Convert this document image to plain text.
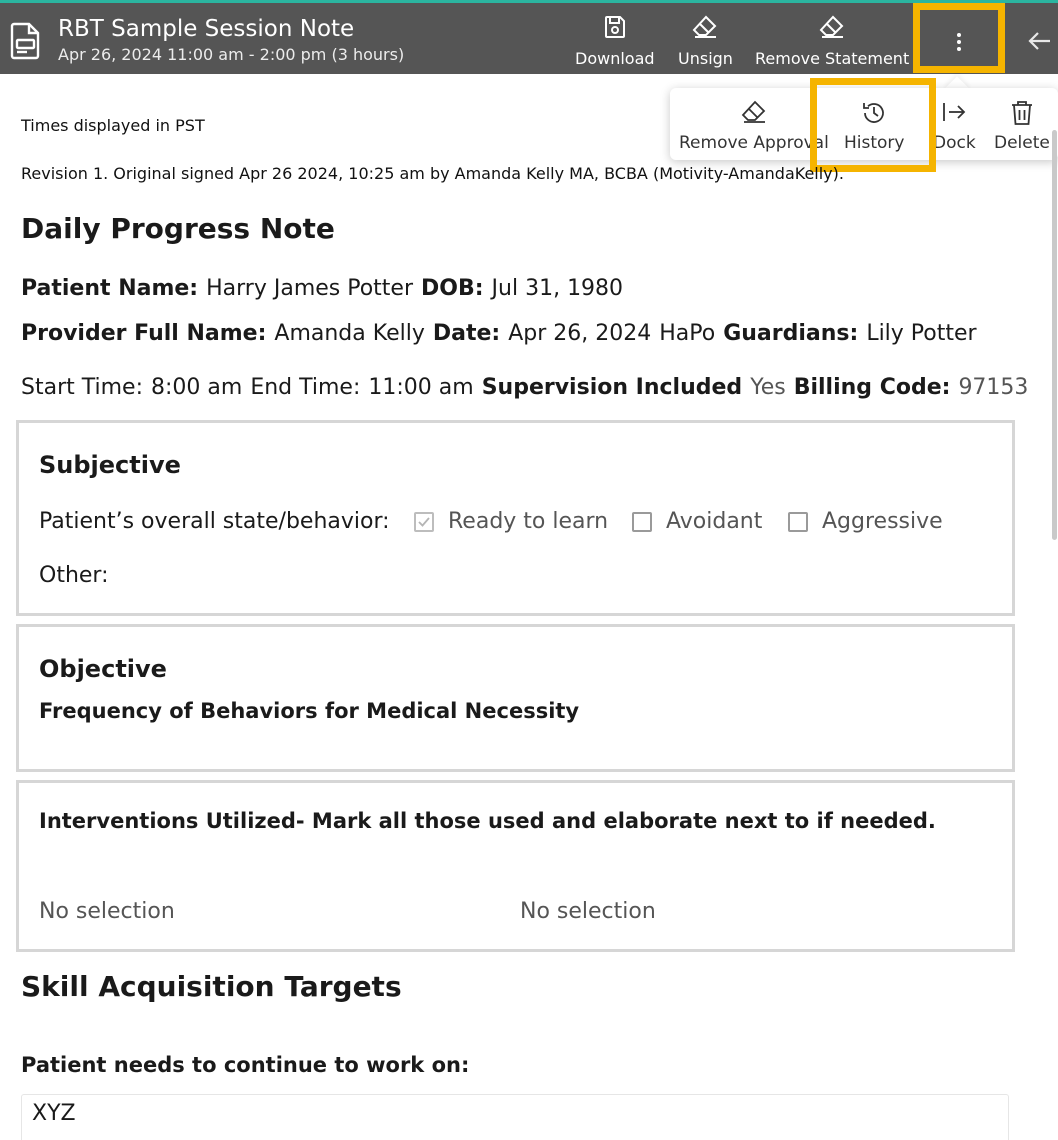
RBT Sample Session Note
Apr 26, 2024 11:00 am - 2:00 pm (3 hours)	Download Unsign Remove Statement
Remove Approval History Dock Delete
Times displayed in PST
Revision 1. Original signed Apr 26 2024, 10:25 am by Amanda Kelly MA, BCBA (Motivity-AmandaKelly).
Daily Progress Note
Patient Name: Harry James Potter DOB: Jul 31, 1980
Provider Full Name: Amanda Kelly Date: Apr 26, 2024 HaPo Guardians: Lily Potter
Start Time: 8:00 am End Time: 11:00 am Supervision Included Yes Billing Code: 97153
Subjective
Patient’s overall state/behavior:	Ready to learn	Avoidant	Aggressive
Other:
Objective
Frequency of Behaviors for Medical Necessity
Interventions Utilized- Mark all those used and elaborate next to if needed.
No selection	No selection
Skill Acquisition Targets
Patient needs to continue to work on:
XYZ
